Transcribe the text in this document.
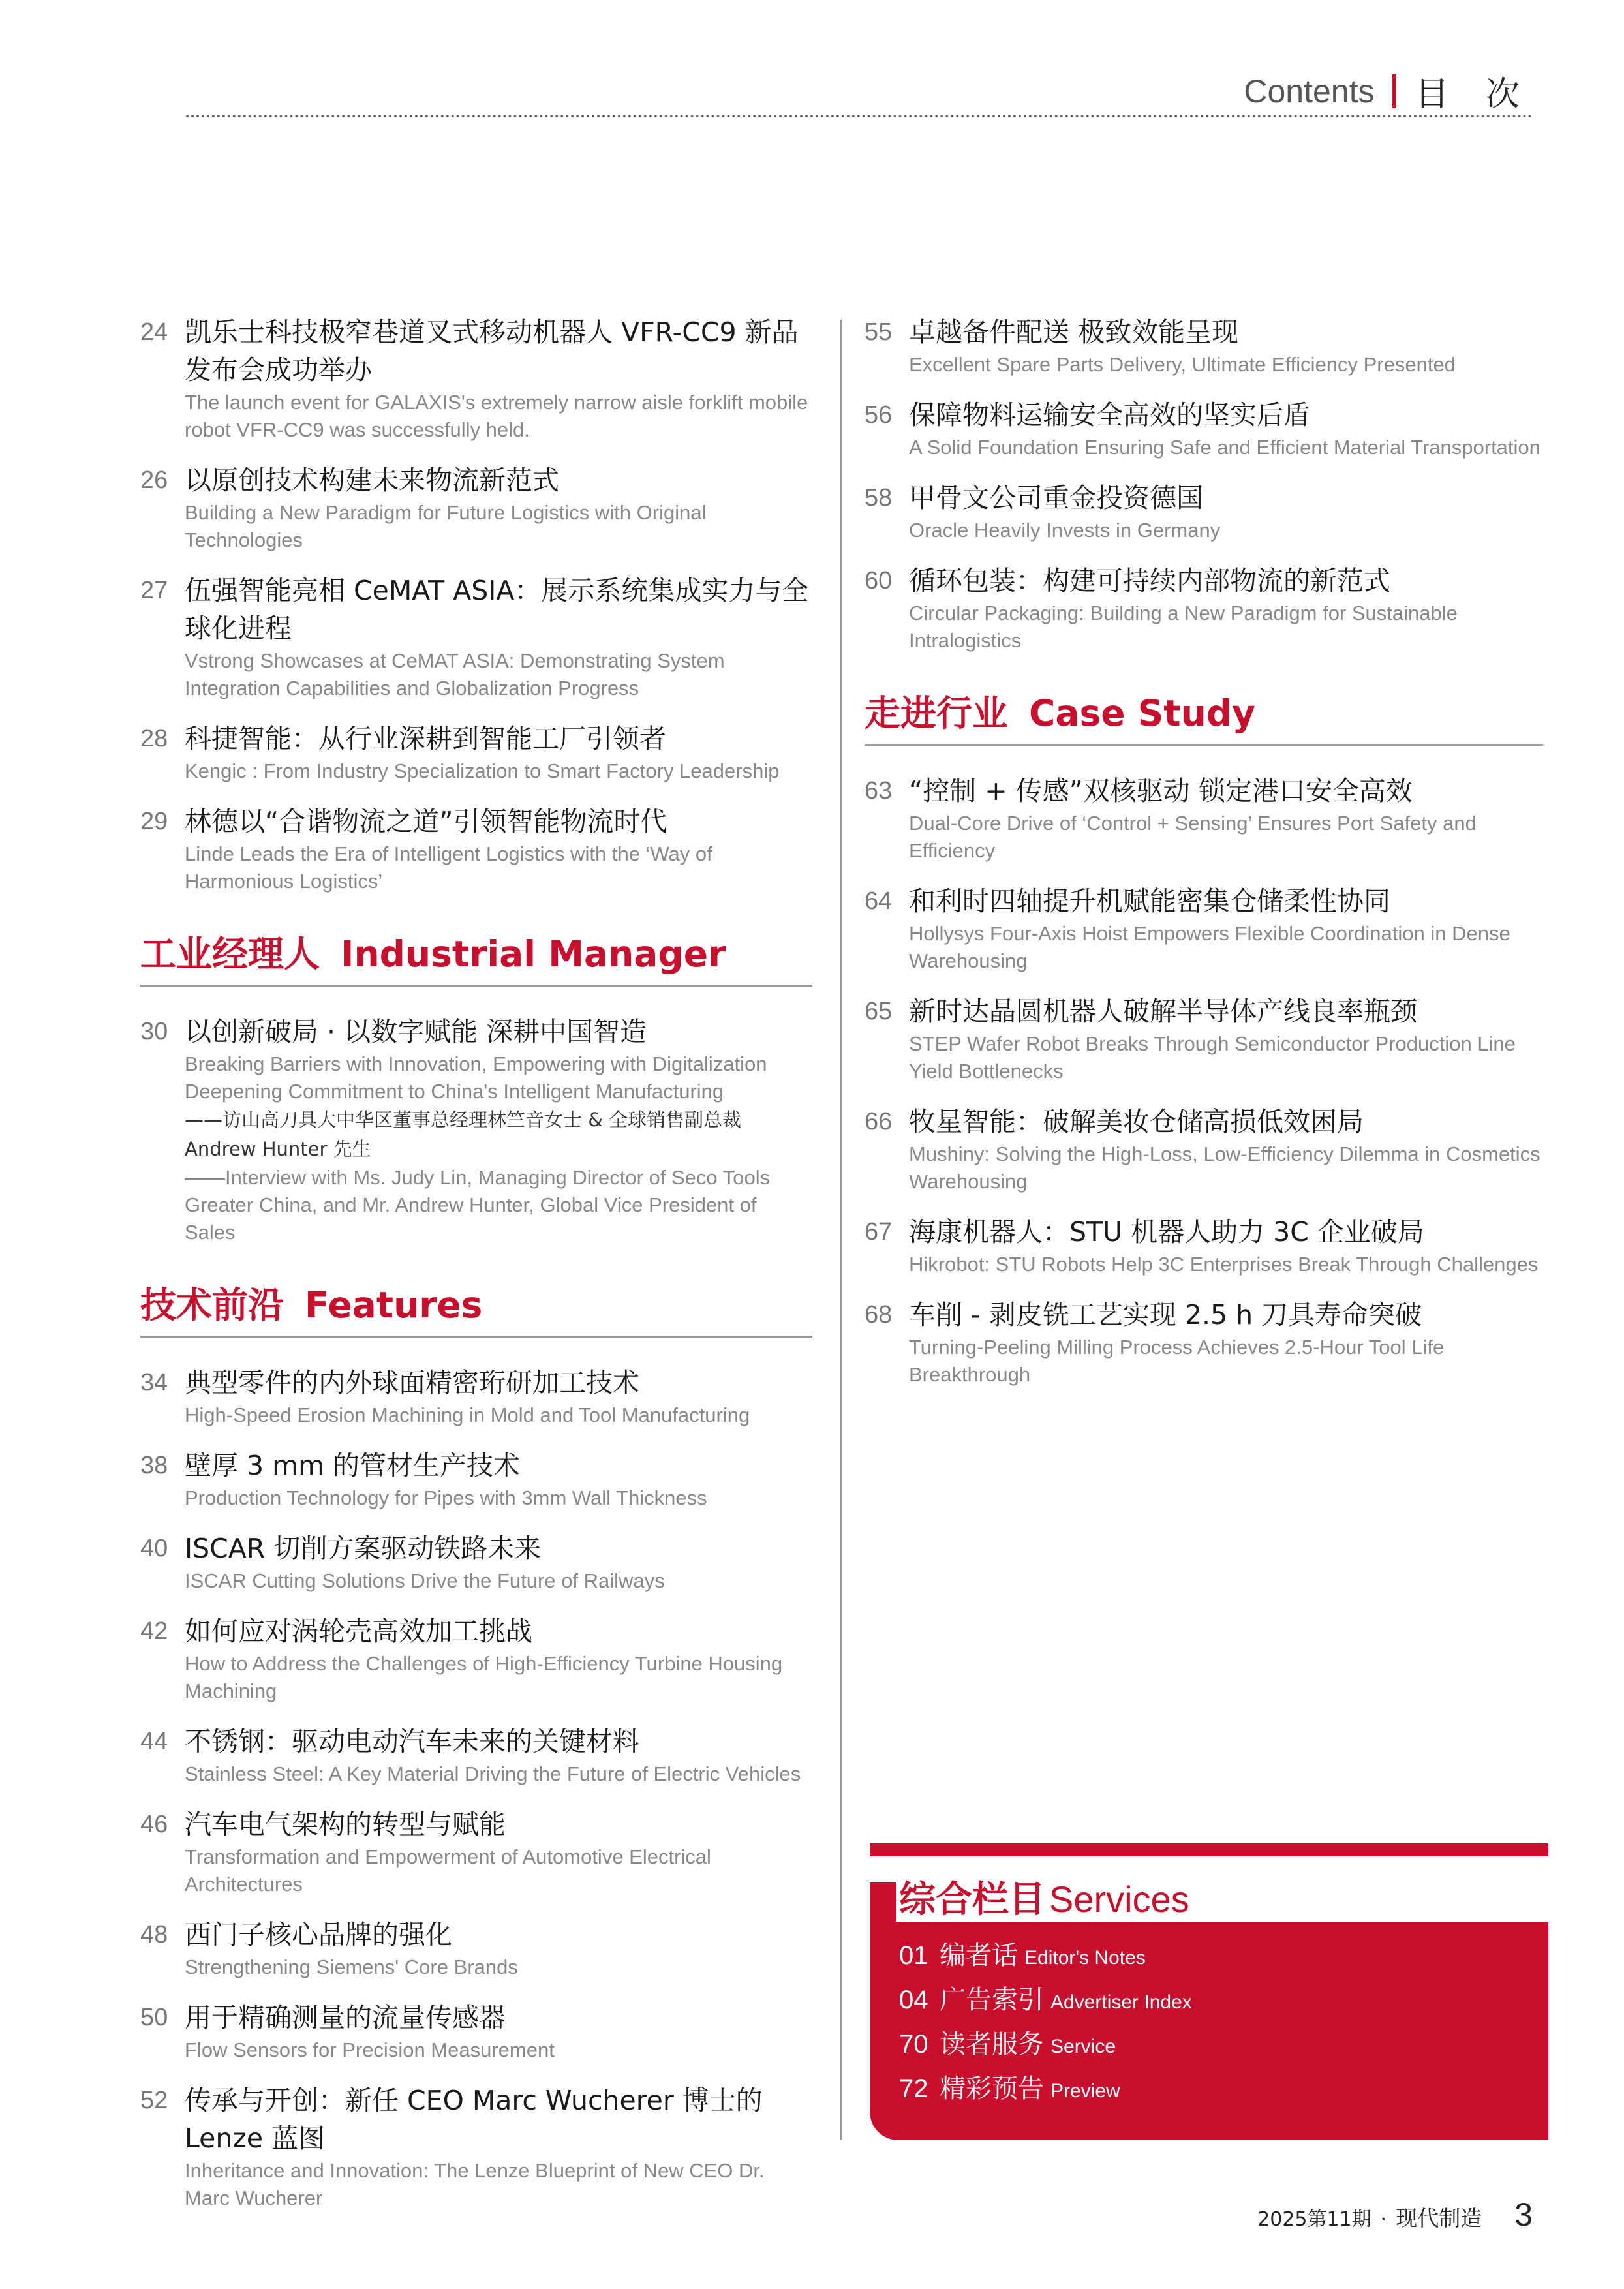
Contents 目 次
24 凯乐士科技极窄巷道叉式移动机器人 VFR-CC9 新品发布会成功举办
The launch event for GALAXIS's extremely narrow aisle forklift mobile robot VFR-CC9 was successfully held.
26 以原创技术构建未来物流新范式
Building a New Paradigm for Future Logistics with Original Technologies
27 伍强智能亮相 CeMAT ASIA：展示系统集成实力与全球化进程
Vstrong Showcases at CeMAT ASIA: Demonstrating System Integration Capabilities and Globalization Progress
28 科捷智能：从行业深耕到智能工厂引领者
Kengic : From Industry Specialization to Smart Factory Leadership
29 林德以“合谐物流之道”引领智能物流时代
Linde Leads the Era of Intelligent Logistics with the ‘Way of Harmonious Logistics’
工业经理人 Industrial Manager
30 以创新破局 · 以数字赋能 深耕中国智造
Breaking Barriers with Innovation, Empowering with Digitalization Deepening Commitment to China's Intelligent Manufacturing
——访山高刀具大中华区董事总经理林竺音女士 & 全球销售副总裁 Andrew Hunter 先生
——Interview with Ms. Judy Lin, Managing Director of Seco Tools Greater China, and Mr. Andrew Hunter, Global Vice President of Sales
技术前沿 Features
34 典型零件的内外球面精密珩研加工技术
High-Speed Erosion Machining in Mold and Tool Manufacturing
38 壁厚 3 mm 的管材生产技术
Production Technology for Pipes with 3mm Wall Thickness
40 ISCAR 切削方案驱动铁路未来
ISCAR Cutting Solutions Drive the Future of Railways
42 如何应对涡轮壳高效加工挑战
How to Address the Challenges of High-Efficiency Turbine Housing Machining
44 不锈钢：驱动电动汽车未来的关键材料
Stainless Steel: A Key Material Driving the Future of Electric Vehicles
46 汽车电气架构的转型与赋能
Transformation and Empowerment of Automotive Electrical Architectures
48 西门子核心品牌的强化
Strengthening Siemens' Core Brands
50 用于精确测量的流量传感器
Flow Sensors for Precision Measurement
52 传承与开创：新任 CEO Marc Wucherer 博士的 Lenze 蓝图
Inheritance and Innovation: The Lenze Blueprint of New CEO Dr. Marc Wucherer
55 卓越备件配送 极致效能呈现
Excellent Spare Parts Delivery, Ultimate Efficiency Presented
56 保障物料运输安全高效的坚实后盾
A Solid Foundation Ensuring Safe and Efficient Material Transportation
58 甲骨文公司重金投资德国
Oracle Heavily Invests in Germany
60 循环包装：构建可持续内部物流的新范式
Circular Packaging: Building a New Paradigm for Sustainable Intralogistics
走进行业 Case Study
63 “控制 + 传感”双核驱动 锁定港口安全高效
Dual-Core Drive of ‘Control + Sensing’ Ensures Port Safety and Efficiency
64 和利时四轴提升机赋能密集仓储柔性协同
Hollysys Four-Axis Hoist Empowers Flexible Coordination in Dense Warehousing
65 新时达晶圆机器人破解半导体产线良率瓶颈
STEP Wafer Robot Breaks Through Semiconductor Production Line Yield Bottlenecks
66 牧星智能：破解美妆仓储高损低效困局
Mushiny: Solving the High-Loss, Low-Efficiency Dilemma in Cosmetics Warehousing
67 海康机器人：STU 机器人助力 3C 企业破局
Hikrobot: STU Robots Help 3C Enterprises Break Through Challenges
68 车削 - 剥皮铣工艺实现 2.5 h 刀具寿命突破
Turning-Peeling Milling Process Achieves 2.5-Hour Tool Life Breakthrough
综合栏目 Services
01 编者话 Editor's Notes
04 广告索引 Advertiser Index
70 读者服务 Service
72 精彩预告 Preview
2025第11期 · 现代制造 3
